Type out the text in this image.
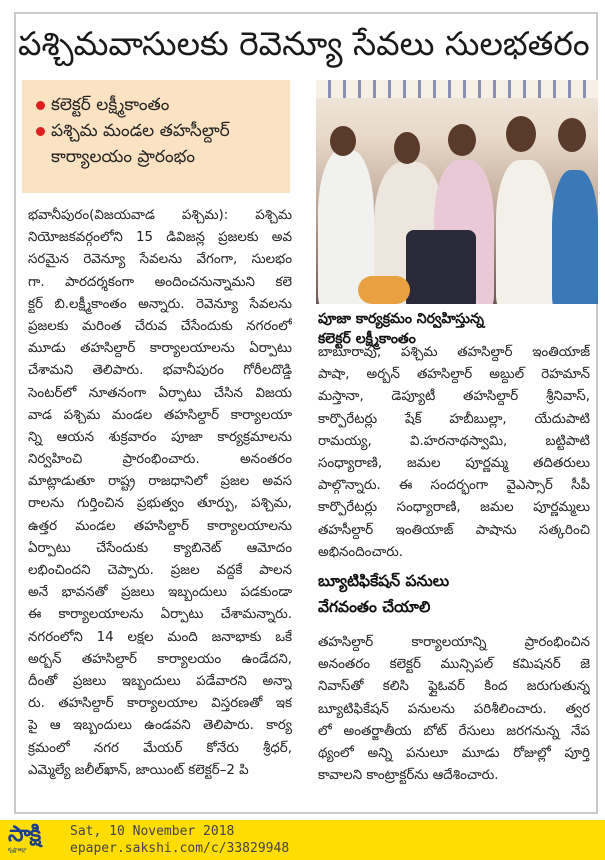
పశ్చిమవాసులకు రెవెన్యూ సేవలు సులభతరం
కలెక్టర్ లక్ష్మీకాంతం
పశ్చిమ మండల తహసీల్దార్
కార్యాలయం ప్రారంభం
పూజా కార్యక్రమం నిర్వహిస్తున్న
కలెక్టర్ లక్ష్మీకాంతం
భవానీపురం(విజయవాడ పశ్చిమ): పశ్చిమ
నియోజకవర్గంలోని 15 డివిజన్ల ప్రజలకు అవ
సరమైన రెవెన్యూ సేవలను వేగంగా, సులభం
గా. పారదర్శకంగా అందించనున్నామని కలె
క్టర్ బి.లక్ష్మీకాంతం అన్నారు. రెవెన్యూ సేవలను
ప్రజలకు మరింత చేరువ చేసేందుకు నగరంలో
మూడు తహసిల్దార్ కార్యాలయాలను ఏర్పాటు
చేశామని తెలిపారు. భవానీపురం గోరీలదొడ్డి
సెంటర్‌లో నూతనంగా ఏర్పాటు చేసిన విజయ
వాడ పశ్చిమ మండల తహసిల్దార్ కార్యాలయా
న్ని ఆయన శుక్రవారం పూజా కార్యక్రమాలను
నిర్వహించి ప్రారంభించారు. అనంతరం
మాట్లాడుతూ రాష్ట్ర రాజధానిలో ప్రజల అవస
రాలను గుర్తించిన ప్రభుత్వం తూర్పు, పశ్చిమ,
ఉత్తర మండల తహసిల్దార్ కార్యాలయాలను
ఏర్పాటు చేసేందుకు క్యాబినెట్ ఆమోదం
లభించిందని చెప్పారు. ప్రజల వద్దకే పాలన
అనే భావనతో ప్రజలు ఇబ్బందులు పడకుండా
ఈ కార్యాలయాలను ఏర్పాటు చేశామన్నారు.
నగరంలోని 14 లక్షల మంది జనాభాకు ఒకే
అర్బన్ తహసిల్దార్ కార్యాలయం ఉండేదని,
దీంతో ప్రజలు ఇబ్బందులు పడేవారని అన్నా
రు. తహసిల్దార్ కార్యాలయాల విస్తరణతో ఇక
పై ఆ ఇబ్బందులు ఉండవని తెలిపారు. కార్య
క్రమంలో నగర మేయర్ కోనేరు శ్రీధర్,
ఎమ్మెల్యే జలీల్‌ఖాన్, జాయింట్ కలెక్టర్–2 పి
బాబూరావు, పశ్చిమ తహసిల్దార్ ఇంతియాజ్
పాషా, అర్బన్ తహసిల్దార్ అబ్దుల్ రెహమాన్
మస్తానా, డెప్యూటీ తహసిల్దార్ శ్రీనివాస్,
కార్పొరేటర్లు షేక్ హబీబుల్లా, యేదుపాటి
రామయ్య, వి.హరనాథస్వామి, బట్టిపాటి
సంధ్యారాణి, జమల పూర్ణమ్మ తదితరులు
పాల్గొన్నారు. ఈ సందర్భంగా వైఎస్సార్ సీపీ
కార్పొరేటర్లు సంధ్యారాణి, జమల పూర్ణమ్మలు
తహసీల్దార్ ఇంతియాజ్ పాషాను సత్కరించి
అభినందించారు.
బ్యూటిఫికేషన్ పనులు
వేగవంతం చేయాలి
తహసిల్దార్ కార్యాలయాన్ని ప్రారంభించిన
అనంతరం కలెక్టర్ మున్సిపల్ కమిషనర్ జె
నివాస్‌తో కలిసి ఫ్లైఓవర్ కింద జరుగుతున్న
బ్యూటిఫికేషన్ పనులను పరిశీలించారు. త్వర
లో అంతర్జాతీయ బోట్ రేసులు జరగనున్న నేప
థ్యంలో అన్ని పనులూ మూడు రోజుల్లో పూర్తి
కావాలని కాంట్రాక్టర్‌ను ఆదేశించారు.
సాక్షి
కృష్ణాజిల్లా
Sat, 10 November 2018
epaper.sakshi.com/c/33829948
